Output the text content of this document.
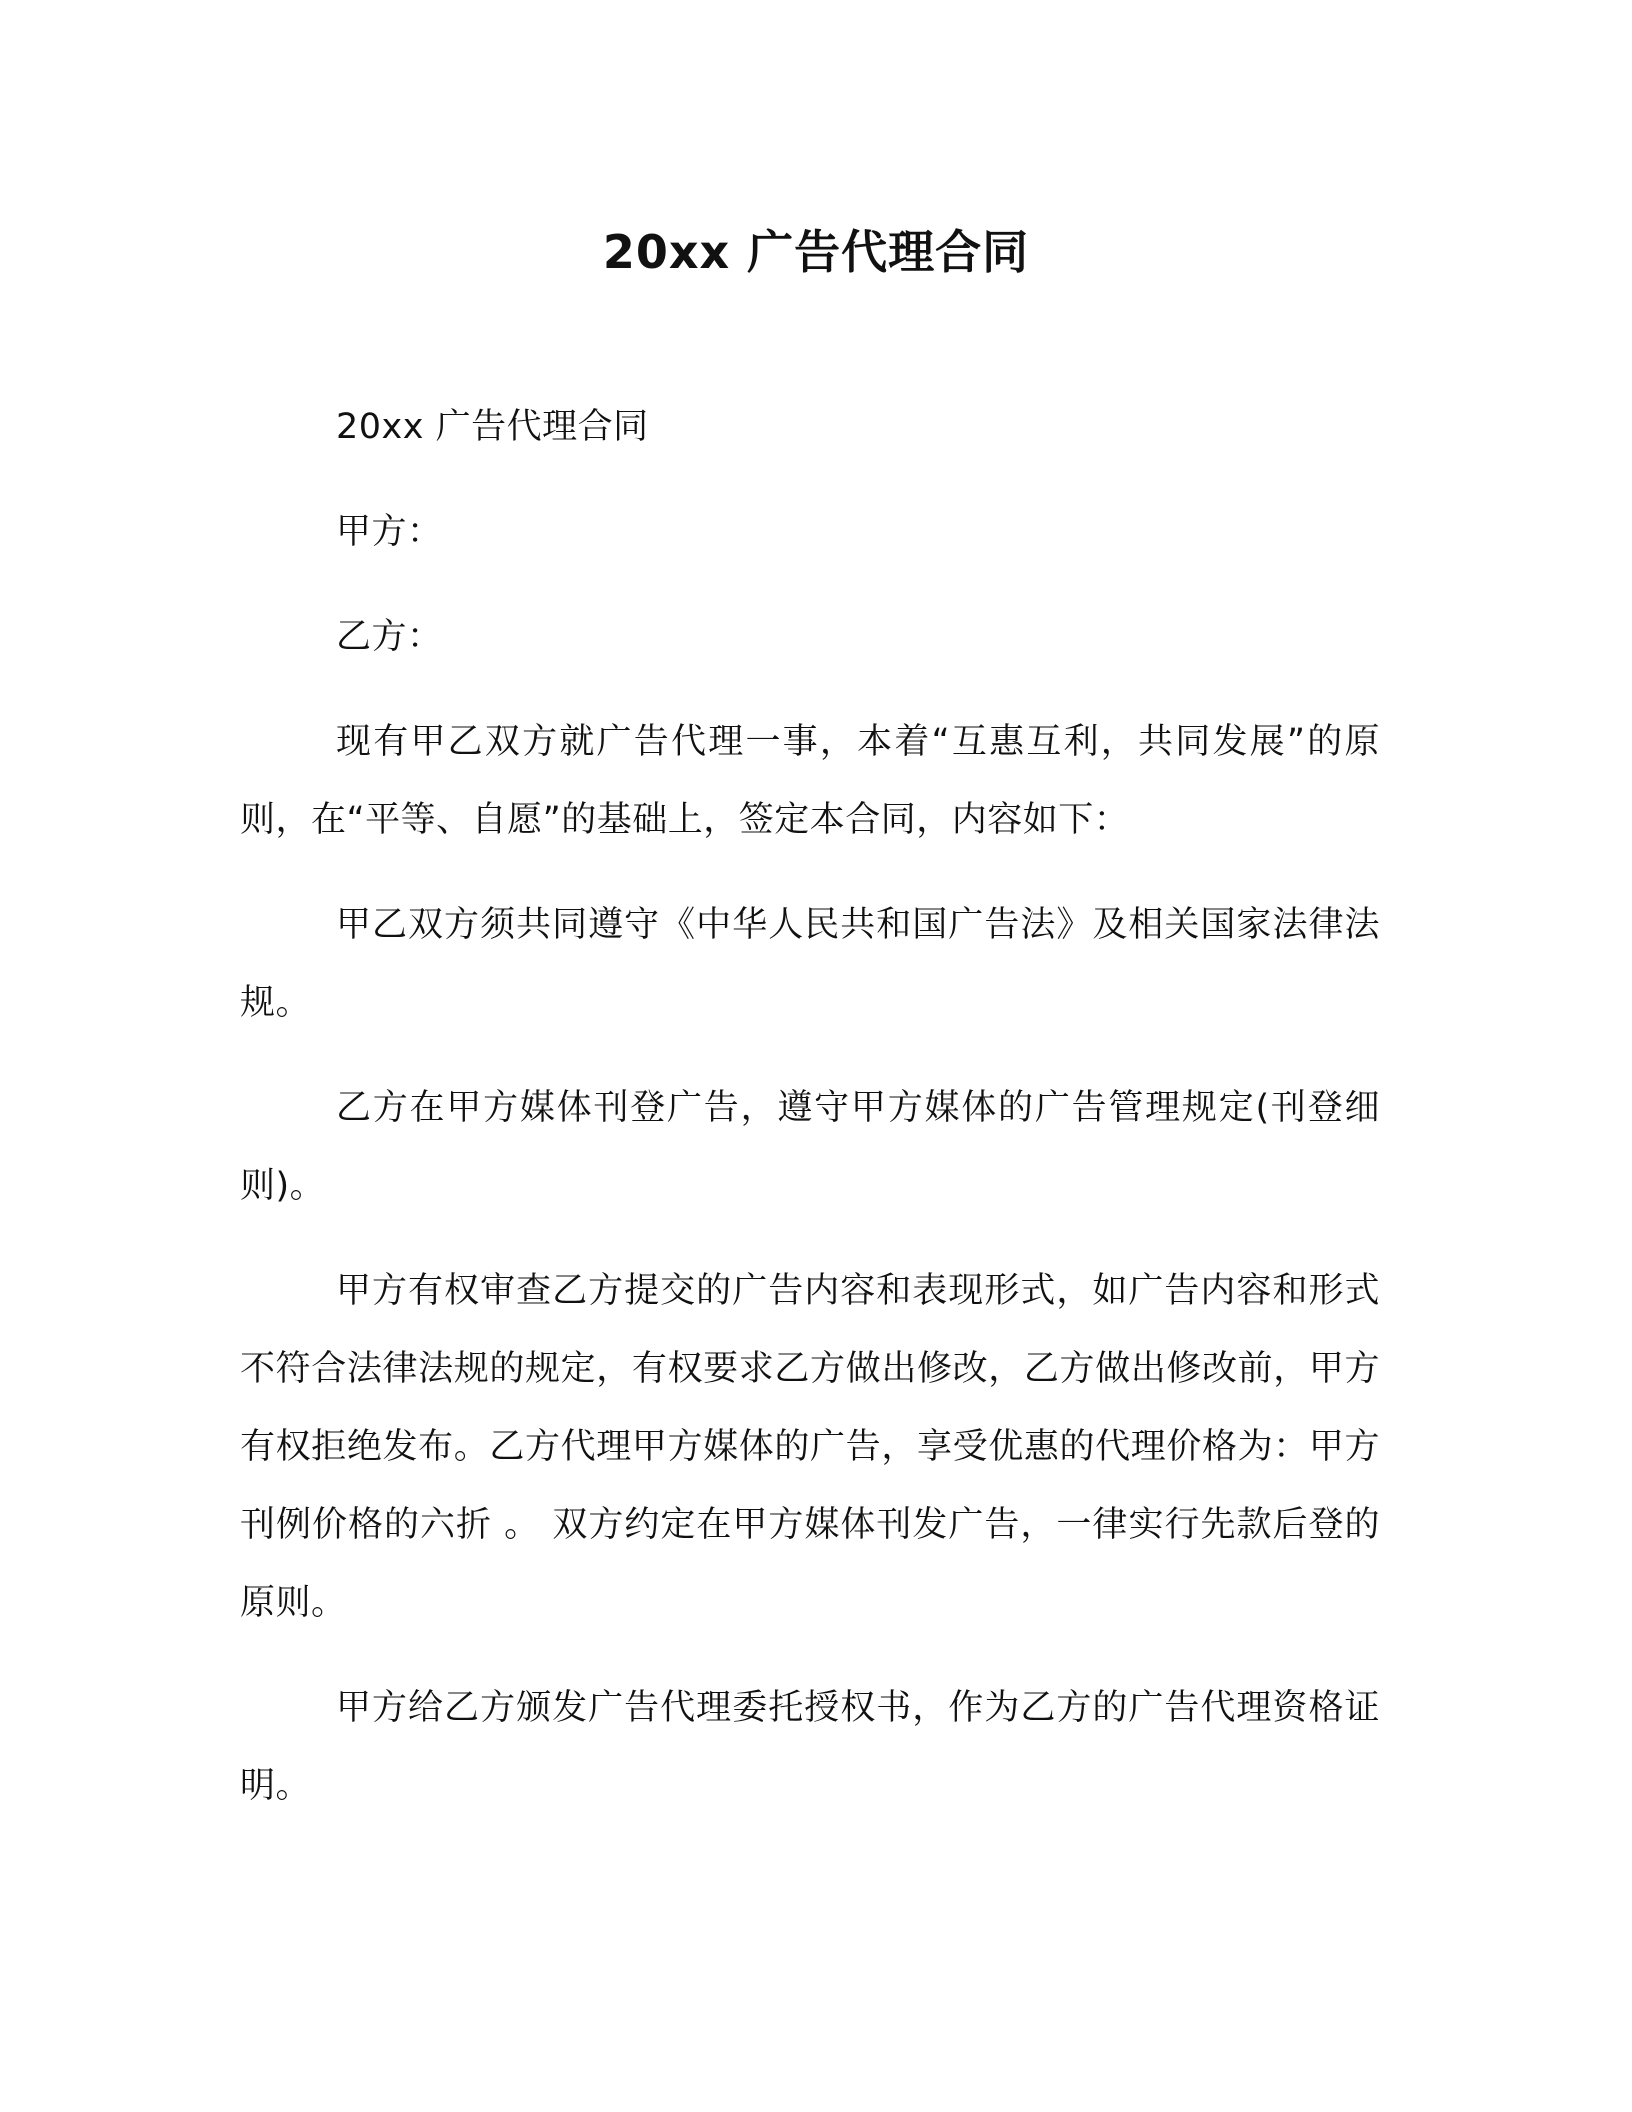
20xx 广告代理合同

20xx 广告代理合同

甲方：

乙方：

现有甲乙双方就广告代理一事，本着“互惠互利，共同发展”的原则，在“平等、自愿”的基础上，签定本合同，内容如下：

甲乙双方须共同遵守《中华人民共和国广告法》及相关国家法律法规。

乙方在甲方媒体刊登广告，遵守甲方媒体的广告管理规定(刊登细则)。

甲方有权审查乙方提交的广告内容和表现形式，如广告内容和形式不符合法律法规的规定，有权要求乙方做出修改，乙方做出修改前，甲方有权拒绝发布。乙方代理甲方媒体的广告，享受优惠的代理价格为：甲方刊例价格的六折 。 双方约定在甲方媒体刊发广告，一律实行先款后登的原则。

甲方给乙方颁发广告代理委托授权书，作为乙方的广告代理资格证明。
